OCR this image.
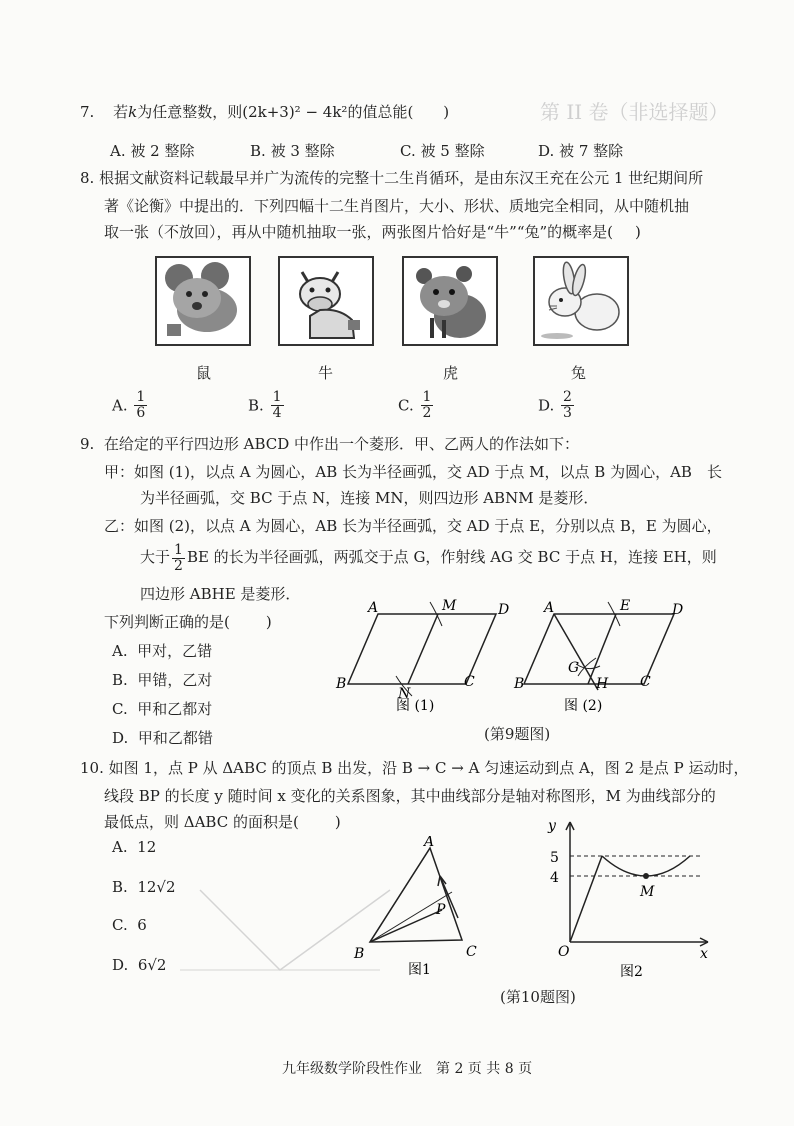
第 II 卷（非选择题）
7. 若k为任意整数，则(2k+3)² − 4k²的值总能( )
A. 被 2 整除	B. 被 3 整除	C. 被 5 整除	D. 被 7 整除
8. 根据文献资料记载最早并广为流传的完整十二生肖循环，是由东汉王充在公元 1 世纪期间所
著《论衡》中提出的．下列四幅十二生肖图片，大小、形状、质地完全相同，从中随机抽
取一张（不放回），再从中随机抽取一张，两张图片恰好是“牛”“兔”的概率是( )
鼠	牛	虎	兔
A. $\frac{1}{6}$	B. $\frac{1}{4}$	C. $\frac{1}{2}$	D. $\frac{2}{3}$
9. 在给定的平行四边形 ABCD 中作出一个菱形．甲、乙两人的作法如下：
甲：如图 (1)，以点 A 为圆心，AB 长为半径画弧，交 AD 于点 M，以点 B 为圆心，AB　长
为半径画弧，交 BC 于点 N，连接 MN，则四边形 ABNM 是菱形．
乙：如图 (2)，以点 A 为圆心，AB 长为半径画弧，交 AD 于点 E，分别以点 B，E 为圆心，
大于 $\frac{1}{2}$ BE 的长为半径画弧，两弧交于点 G，作射线 AG 交 BC 于点 H，连接 EH，则
四边形 ABHE 是菱形．
下列判断正确的是( )
A. 甲对，乙错
B. 甲错，乙对
C. 甲和乙都对
D. 甲和乙都错
A	M	D
B
N
C
图 (1)
A	E	D
B
G
H C
图 (2)
(第9题图)
10. 如图 1，点 P 从 ΔABC 的顶点 B 出发，沿 B → C → A 匀速运动到点 A，图 2 是点 P 运动时，
线段 BP 的长度 y 随时间 x 变化的关系图象，其中曲线部分是轴对称图形，M 为曲线部分的
最低点，则 ΔABC 的面积是( )
A. 12
B. 12√2
C. 6
D. 6√2
A
B	C
P
图1
y
x
O
5
4
M
图2
(第10题图)
九年级数学阶段性作业　第 2 页 共 8 页
